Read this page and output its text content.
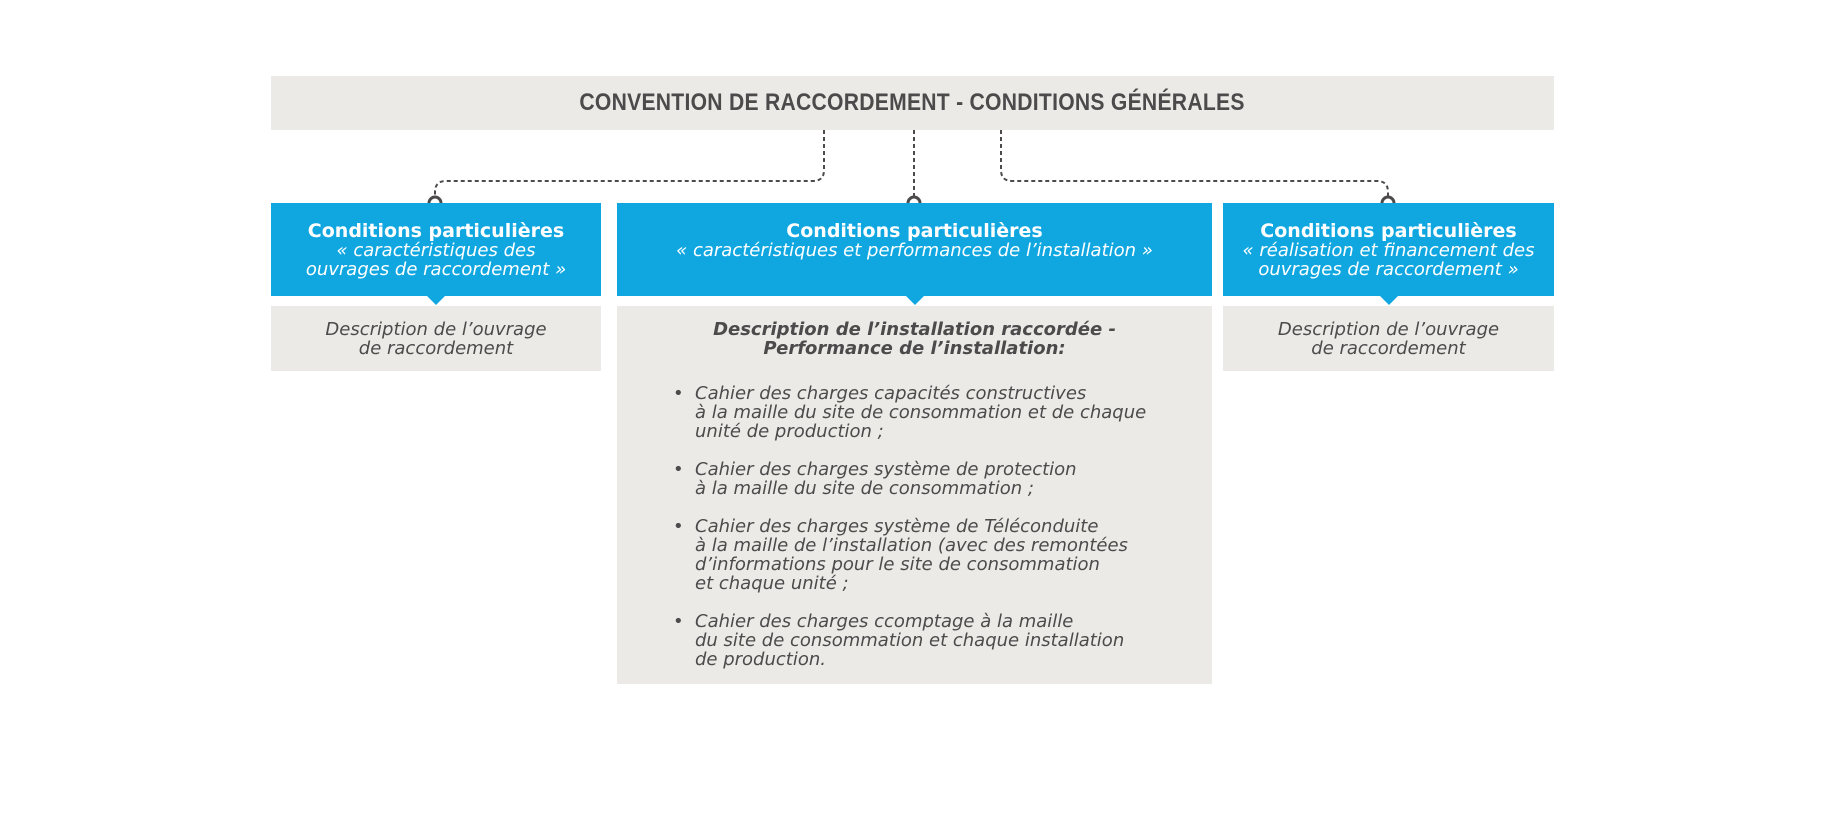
CONVENTION DE RACCORDEMENT - CONDITIONS GÉNÉRALES
Conditions particulières
« caractéristiques des ouvrages de raccordement »
Description de l’ouvrage de raccordement
Conditions particulières
« caractéristiques et performances de l’installation »
Description de l’installation raccordée - Performance de l’installation:
• Cahier des charges capacités constructives
à la maille du site de consommation et de chaque
unité de production ;
• Cahier des charges système de protection
à la maille du site de consommation ;
• Cahier des charges système de Téléconduite
à la maille de l’installation (avec des remontées
d’informations pour le site de consommation
et chaque unité ;
• Cahier des charges ccomptage à la maille
du site de consommation et chaque installation
de production.
Conditions particulières
« réalisation et financement des ouvrages de raccordement »
Description de l’ouvrage de raccordement
